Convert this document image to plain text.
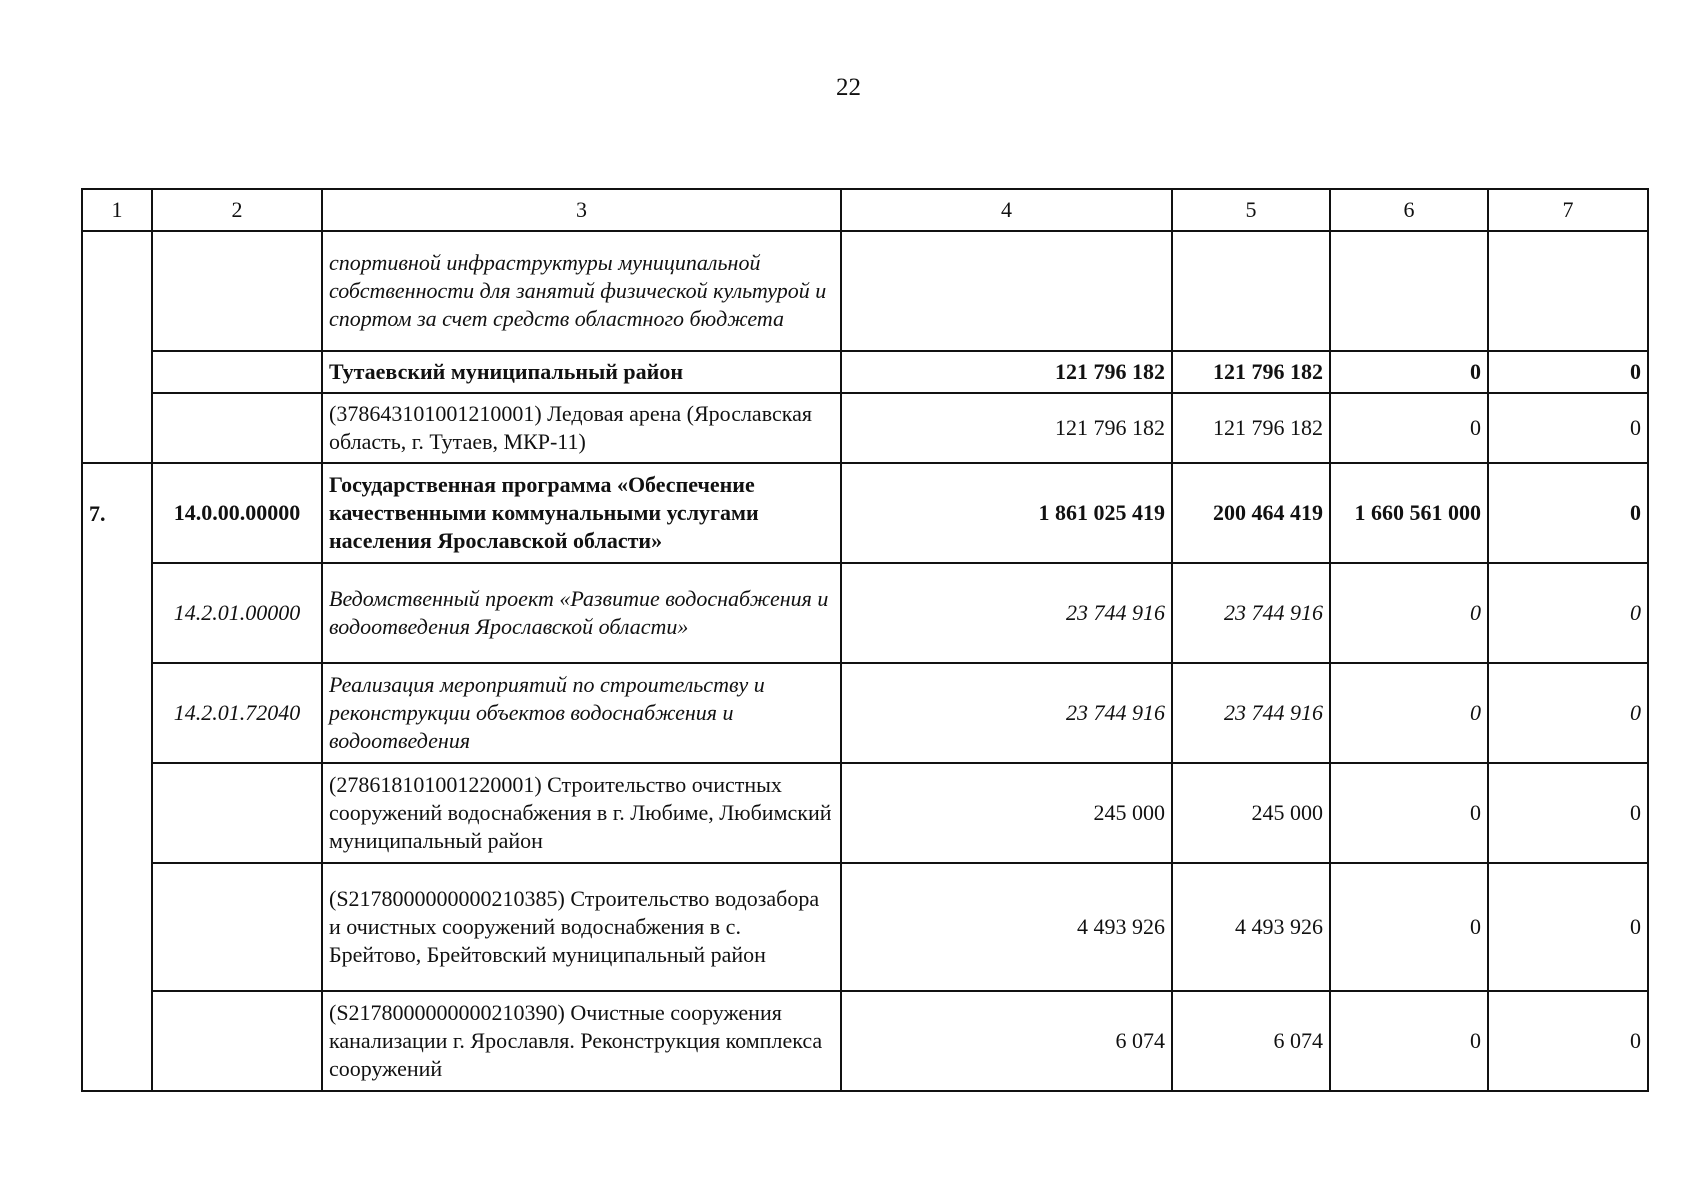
22
1	2	3	4	5	6	7
		спортивной инфраструктуры муниципальной собственности для занятий физической культурой и спортом за счет средств областного бюджета				
		Тутаевский муниципальный район	121 796 182	121 796 182	0	0
		(378643101001210001) Ледовая арена (Ярославская область, г. Тутаев, МКР-11)	121 796 182	121 796 182	0	0
7.	14.0.00.00000	Государственная программа «Обеспечение качественными коммунальными услугами населения Ярославской области»	1 861 025 419	200 464 419	1 660 561 000	0
	14.2.01.00000	Ведомственный проект «Развитие водоснабжения и водоотведения Ярославской области»	23 744 916	23 744 916	0	0
	14.2.01.72040	Реализация мероприятий по строительству и реконструкции объектов водоснабжения и водоотведения	23 744 916	23 744 916	0	0
		(278618101001220001) Строительство очистных сооружений водоснабжения в г. Любиме, Любимский муниципальный район	245 000	245 000	0	0
		(S2178000000000210385) Строительство водозабора и очистных сооружений водоснабжения в с. Брейтово, Брейтовский муниципальный район	4 493 926	4 493 926	0	0
		(S2178000000000210390) Очистные сооружения канализации г. Ярославля. Реконструкция комплекса сооружений	6 074	6 074	0	0
